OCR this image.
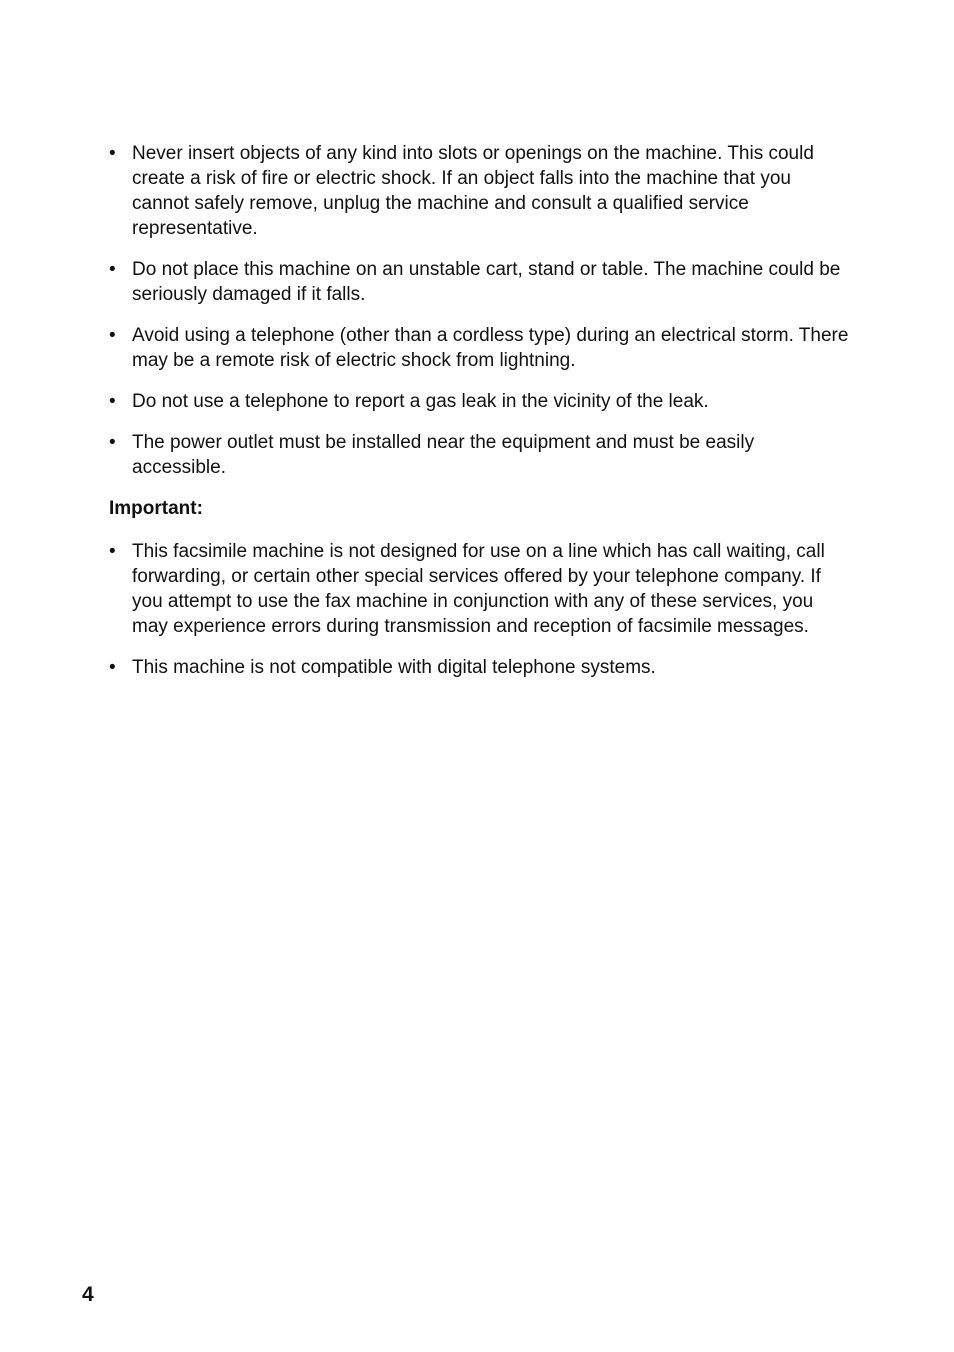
• Never insert objects of any kind into slots or openings on the machine. This could create a risk of fire or electric shock. If an object falls into the machine that you cannot safely remove, unplug the machine and consult a qualified service representative.
• Do not place this machine on an unstable cart, stand or table. The machine could be seriously damaged if it falls.
• Avoid using a telephone (other than a cordless type) during an electrical storm. There may be a remote risk of electric shock from lightning.
• Do not use a telephone to report a gas leak in the vicinity of the leak.
• The power outlet must be installed near the equipment and must be easily accessible.
Important:
• This facsimile machine is not designed for use on a line which has call waiting, call forwarding, or certain other special services offered by your telephone company. If you attempt to use the fax machine in conjunction with any of these services, you may experience errors during transmission and reception of facsimile messages.
• This machine is not compatible with digital telephone systems.
4
